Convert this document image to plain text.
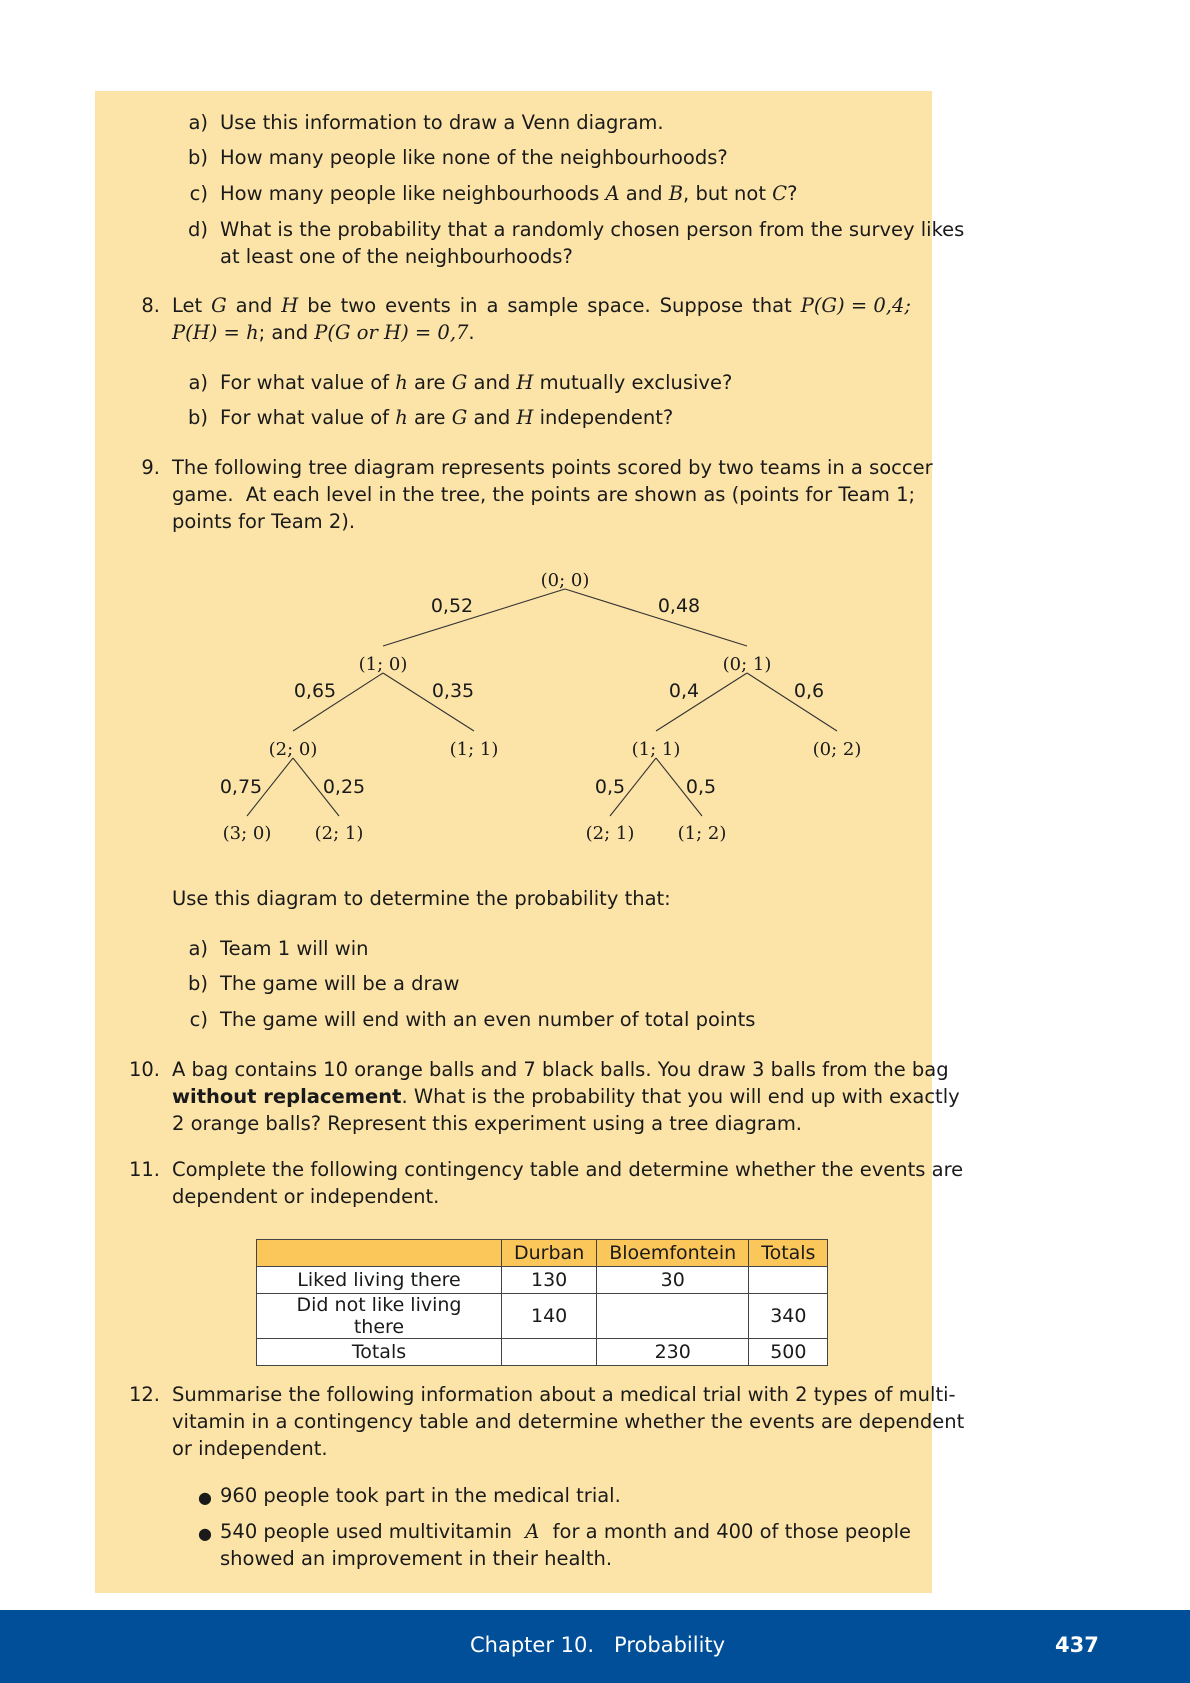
a) Use this information to draw a Venn diagram.
b) How many people like none of the neighbourhoods?
c) How many people like neighbourhoods A and B, but not C?
d) What is the probability that a randomly chosen person from the survey likes
at least one of the neighbourhoods?
8. Let G and H be two events in a sample space. Suppose that P(G) = 0,4;
P(H) = h; and P(G or H) = 0,7.
a) For what value of h are G and H mutually exclusive?
b) For what value of h are G and H independent?
9. The following tree diagram represents points scored by two teams in a soccer
game.  At each level in the tree, the points are shown as (points for Team 1;
points for Team 2).
(0; 0)
(1; 0)	(0; 1)
(2; 0)	(1; 1)	(1; 1)	(0; 2)
(3; 0) (2; 1)	(2; 1) (1; 2)
0,52	0,48
0,65	0,35	0,4	0,6
0,75	0,25	0,5	0,5
Use this diagram to determine the probability that:
a) Team 1 will win
b) The game will be a draw
c) The game will end with an even number of total points
10. A bag contains 10 orange balls and 7 black balls. You draw 3 balls from the bag
without replacement. What is the probability that you will end up with exactly
2 orange balls? Represent this experiment using a tree diagram.
11. Complete the following contingency table and determine whether the events are
dependent or independent.
	Durban	Bloemfontein	Totals
Liked living there	130	30	
Did not like living there	140		340
Totals		230	500
12. Summarise the following information about a medical trial with 2 types of multi-
vitamin in a contingency table and determine whether the events are dependent
or independent.
● 960 people took part in the medical trial.
● 540 people used multivitamin A for a month and 400 of those people
showed an improvement in their health.
Chapter 10.   Probability	437
